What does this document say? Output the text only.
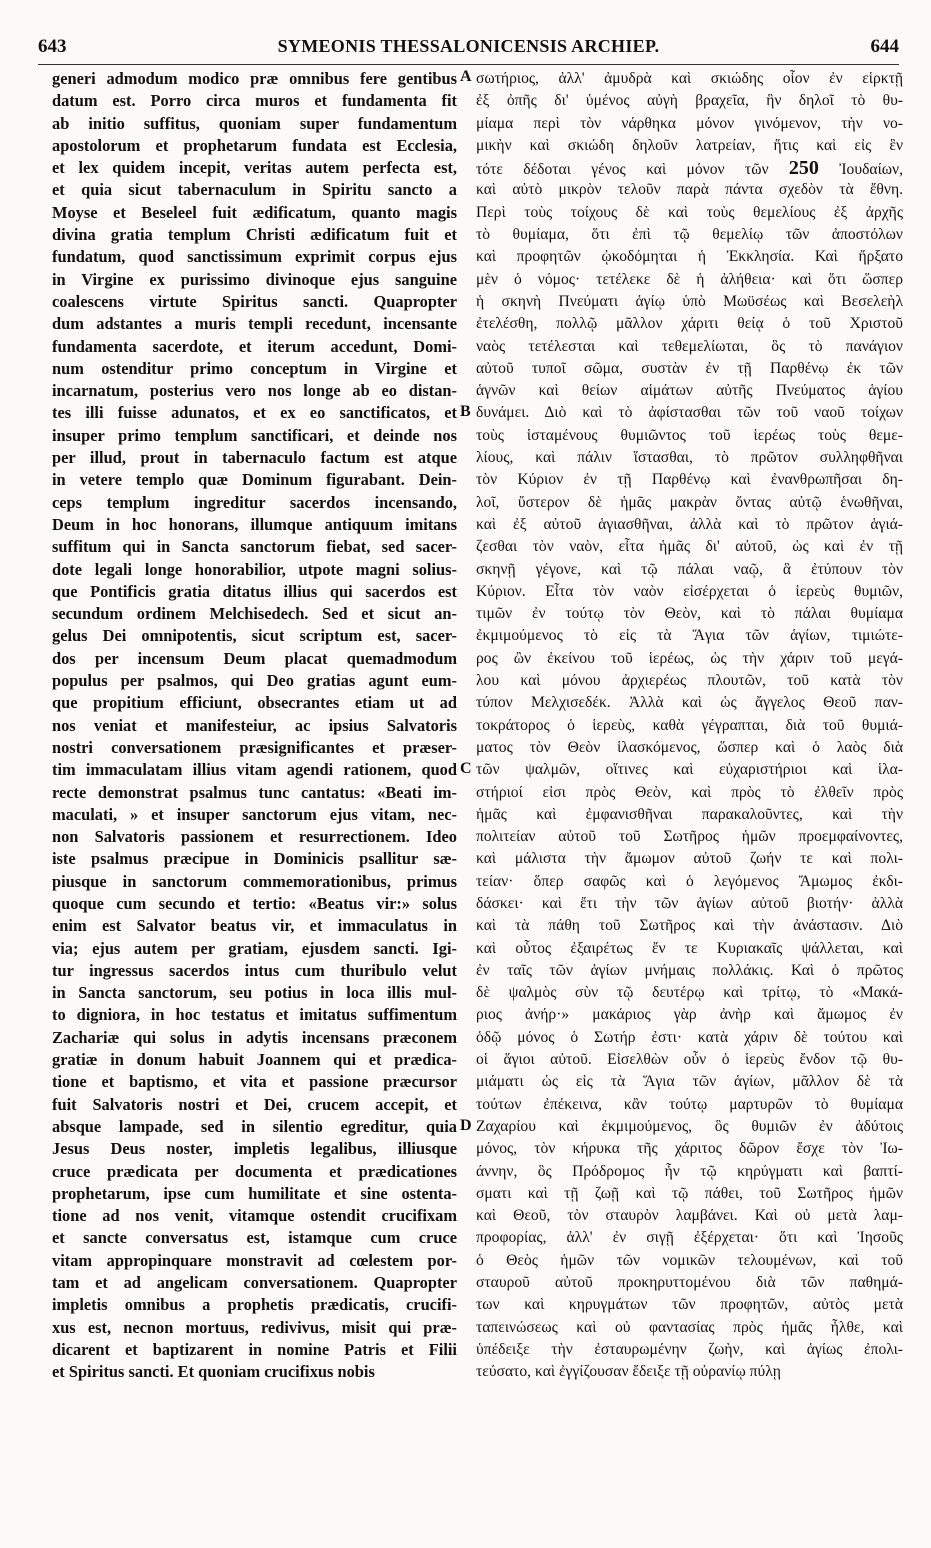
643	SYMEONIS THESSALONICENSIS ARCHIEP.	644
generi admodum modico præ omnibus fere gentibus
datum est. Porro circa muros et fundamenta fit
ab initio suffitus, quoniam super fundamentum
apostolorum et prophetarum fundata est Ecclesia,
et lex quidem incepit, veritas autem perfecta est,
et quia sicut tabernaculum in Spiritu sancto a
Moyse et Beseleel fuit ædificatum, quanto magis
divina gratia templum Christi ædificatum fuit et
fundatum, quod sanctissimum exprimit corpus ejus
in Virgine ex purissimo divinoque ejus sanguine
coalescens virtute Spiritus sancti. Quapropter
dum adstantes a muris templi recedunt, incensante
fundamenta sacerdote, et iterum accedunt, Domi-
num ostenditur primo conceptum in Virgine et
incarnatum, posterius vero nos longe ab eo distan-
tes illi fuisse adunatos, et ex eo sanctificatos, et
insuper primo templum sanctificari, et deinde nos
per illud, prout in tabernaculo factum est atque
in vetere templo quæ Dominum figurabant. Dein-
ceps templum ingreditur sacerdos incensando,
Deum in hoc honorans, illumque antiquum imitans
suffitum qui in Sancta sanctorum fiebat, sed sacer-
dote legali longe honorabilior, utpote magni solius-
que Pontificis gratia ditatus illius qui sacerdos est
secundum ordinem Melchisedech. Sed et sicut an-
gelus Dei omnipotentis, sicut scriptum est, sacer-
dos per incensum Deum placat quemadmodum
populus per psalmos, qui Deo gratias agunt eum-
que propitium efficiunt, obsecrantes etiam ut ad
nos veniat et manifesteiur, ac ipsius Salvatoris
nostri conversationem præsignificantes et præser-
tim immaculatam illius vitam agendi rationem, quod
recte demonstrat psalmus tunc cantatus: «Beati im-
maculati, » et insuper sanctorum ejus vitam, nec-
non Salvatoris passionem et resurrectionem. Ideo
iste psalmus præcipue in Dominicis psallitur sæ-
piusque in sanctorum commemorationibus, primus
quoque cum secundo et tertio: «Beatus vir:» solus
enim est Salvator beatus vir, et immaculatus in
via; ejus autem per gratiam, ejusdem sancti. Igi-
tur ingressus sacerdos intus cum thuribulo velut
in Sancta sanctorum, seu potius in loca illis mul-
to digniora, in hoc testatus et imitatus suffimentum
Zachariæ qui solus in adytis incensans præconem
gratiæ in donum habuit Joannem qui et prædica-
tione et baptismo, et vita et passione præcursor
fuit Salvatoris nostri et Dei, crucem accepit, et
absque lampade, sed in silentio egreditur, quia
Jesus Deus noster, impletis legalibus, illiusque
cruce prædicata per documenta et prædicationes
prophetarum, ipse cum humilitate et sine ostenta-
tione ad nos venit, vitamque ostendit crucifixam
et sancte conversatus est, istamque cum cruce
vitam appropinquare monstravit ad cœlestem por-
tam et ad angelicam conversationem. Quapropter
impletis omnibus a prophetis prædicatis, crucifi-
xus est, necnon mortuus, redivivus, misit qui præ-
dicarent et baptizarent in nomine Patris et Filii
et Spiritus sancti. Et quoniam crucifixus nobis
σωτήριος, ἀλλ' ἀμυδρὰ καὶ σκιώδης οἷον ἐν εἱρκτῇ
ἐξ ὀπῆς δι' ὑμένος αὐγὴ βραχεῖα, ἣν δηλοῖ τὸ θυ-
μίαμα περὶ τὸν νάρθηκα μόνον γινόμενον, τὴν νο-
μικὴν καὶ σκιώδη δηλοῦν λατρείαν, ἥτις καὶ εἰς ἓν
τότε δέδοται γένος καὶ μόνον τῶν 250 Ἰουδαίων,
καὶ αὐτὸ μικρὸν τελοῦν παρὰ πάντα σχεδὸν τὰ ἔθνη.
Περὶ τοὺς τοίχους δὲ καὶ τοὺς θεμελίους ἐξ ἀρχῆς
τὸ θυμίαμα, ὅτι ἐπὶ τῷ θεμελίῳ τῶν ἀποστόλων
καὶ προφητῶν ᾠκοδόμηται ἡ Ἐκκλησία. Καὶ ἤρξατο
μὲν ὁ νόμος· τετέλεκε δὲ ἡ ἀλήθεια· καὶ ὅτι ὥσπερ
ἡ σκηνὴ Πνεύματι ἁγίῳ ὑπὸ Μωϋσέως καὶ Βεσελεὴλ
ἐτελέσθη, πολλῷ μᾶλλον χάριτι θείᾳ ὁ τοῦ Χριστοῦ
ναὸς τετέλεσται καὶ τεθεμελίωται, ὃς τὸ πανάγιον
αὐτοῦ τυποῖ σῶμα, συστὰν ἐν τῇ Παρθένῳ ἐκ τῶν
ἁγνῶν καὶ θείων αἱμάτων αὐτῆς Πνεύματος ἁγίου
δυνάμει. Διὸ καὶ τὸ ἀφίστασθαι τῶν τοῦ ναοῦ τοίχων
τοὺς ἱσταμένους θυμιῶντος τοῦ ἱερέως τοὺς θεμε-
λίους, καὶ πάλιν ἵστασθαι, τὸ πρῶτον συλληφθῆναι
τὸν Κύριον ἐν τῇ Παρθένῳ καὶ ἐνανθρωπῆσαι δη-
λοῖ, ὕστερον δὲ ἡμᾶς μακρὰν ὄντας αὐτῷ ἑνωθῆναι,
καὶ ἐξ αὐτοῦ ἁγιασθῆναι, ἀλλὰ καὶ τὸ πρῶτον ἁγιά-
ζεσθαι τὸν ναὸν, εἶτα ἡμᾶς δι' αὐτοῦ, ὡς καὶ ἐν τῇ
σκηνῇ γέγονε, καὶ τῷ πάλαι ναῷ, ἃ ἐτύπουν τὸν
Κύριον. Εἶτα τὸν ναὸν εἰσέρχεται ὁ ἱερεὺς θυμιῶν,
τιμῶν ἐν τούτῳ τὸν Θεὸν, καὶ τὸ πάλαι θυμίαμα
ἐκμιμούμενος τὸ εἰς τὰ Ἅγια τῶν ἁγίων, τιμιώτε-
ρος ὢν ἐκείνου τοῦ ἱερέως, ὡς τὴν χάριν τοῦ μεγά-
λου καὶ μόνου ἀρχιερέως πλουτῶν, τοῦ κατὰ τὸν
τύπον Μελχισεδέκ. Ἀλλὰ καὶ ὡς ἄγγελος Θεοῦ παν-
τοκράτορος ὁ ἱερεὺς, καθὰ γέγραπται, διὰ τοῦ θυμιά-
ματος τὸν Θεὸν ἱλασκόμενος, ὥσπερ καὶ ὁ λαὸς διὰ
τῶν ψαλμῶν, οἵτινες καὶ εὐχαριστήριοι καὶ ἱλα-
στήριοί εἰσι πρὸς Θεὸν, καὶ πρὸς τὸ ἐλθεῖν πρὸς
ἡμᾶς καὶ ἐμφανισθῆναι παρακαλοῦντες, καὶ τὴν
πολιτείαν αὐτοῦ τοῦ Σωτῆρος ἡμῶν προεμφαίνοντες,
καὶ μάλιστα τὴν ἄμωμον αὐτοῦ ζωήν τε καὶ πολι-
τείαν· ὅπερ σαφῶς καὶ ὁ λεγόμενος Ἄμωμος ἐκδι-
δάσκει· καὶ ἔτι τὴν τῶν ἁγίων αὐτοῦ βιοτήν· ἀλλὰ
καὶ τὰ πάθη τοῦ Σωτῆρος καὶ τὴν ἀνάστασιν. Διὸ
καὶ οὗτος ἐξαιρέτως ἔν τε Κυριακαῖς ψάλλεται, καὶ
ἐν ταῖς τῶν ἁγίων μνήμαις πολλάκις. Καὶ ὁ πρῶτος
δὲ ψαλμὸς σὺν τῷ δευτέρῳ καὶ τρίτῳ, τὸ «Μακά-
ριος ἀνήρ·» μακάριος γὰρ ἀνὴρ καὶ ἄμωμος ἐν
ὁδῷ μόνος ὁ Σωτήρ ἐστι· κατὰ χάριν δὲ τούτου καὶ
οἱ ἅγιοι αὐτοῦ. Εἰσελθὼν οὖν ὁ ἱερεὺς ἔνδον τῷ θυ-
μιάματι ὡς εἰς τὰ Ἅγια τῶν ἁγίων, μᾶλλον δὲ τὰ
τούτων ἐπέκεινα, κἂν τούτῳ μαρτυρῶν τὸ θυμίαμα
Ζαχαρίου καὶ ἐκμιμούμενος, ὃς θυμιῶν ἐν ἀδύτοις
μόνος, τὸν κήρυκα τῆς χάριτος δῶρον ἔσχε τὸν Ἰω-
άννην, ὃς Πρόδρομος ἦν τῷ κηρύγματι καὶ βαπτί-
σματι καὶ τῇ ζωῇ καὶ τῷ πάθει, τοῦ Σωτῆρος ἡμῶν
καὶ Θεοῦ, τὸν σταυρὸν λαμβάνει. Καὶ οὐ μετὰ λαμ-
προφορίας, ἀλλ' ἐν σιγῇ ἐξέρχεται· ὅτι καὶ Ἰησοῦς
ὁ Θεὸς ἡμῶν τῶν νομικῶν τελουμένων, καὶ τοῦ
σταυροῦ αὐτοῦ προκηρυττομένου διὰ τῶν παθημά-
των καὶ κηρυγμάτων τῶν προφητῶν, αὐτὸς μετὰ
ταπεινώσεως καὶ οὐ φαντασίας πρὸς ἡμᾶς ἦλθε, καὶ
ὑπέδειξε τὴν ἐσταυρωμένην ζωὴν, καὶ ἁγίως ἐπολι-
τεύσατο, καὶ ἐγγίζουσαν ἔδειξε τῇ οὐρανίῳ πύλῃ
A
B
C
D
